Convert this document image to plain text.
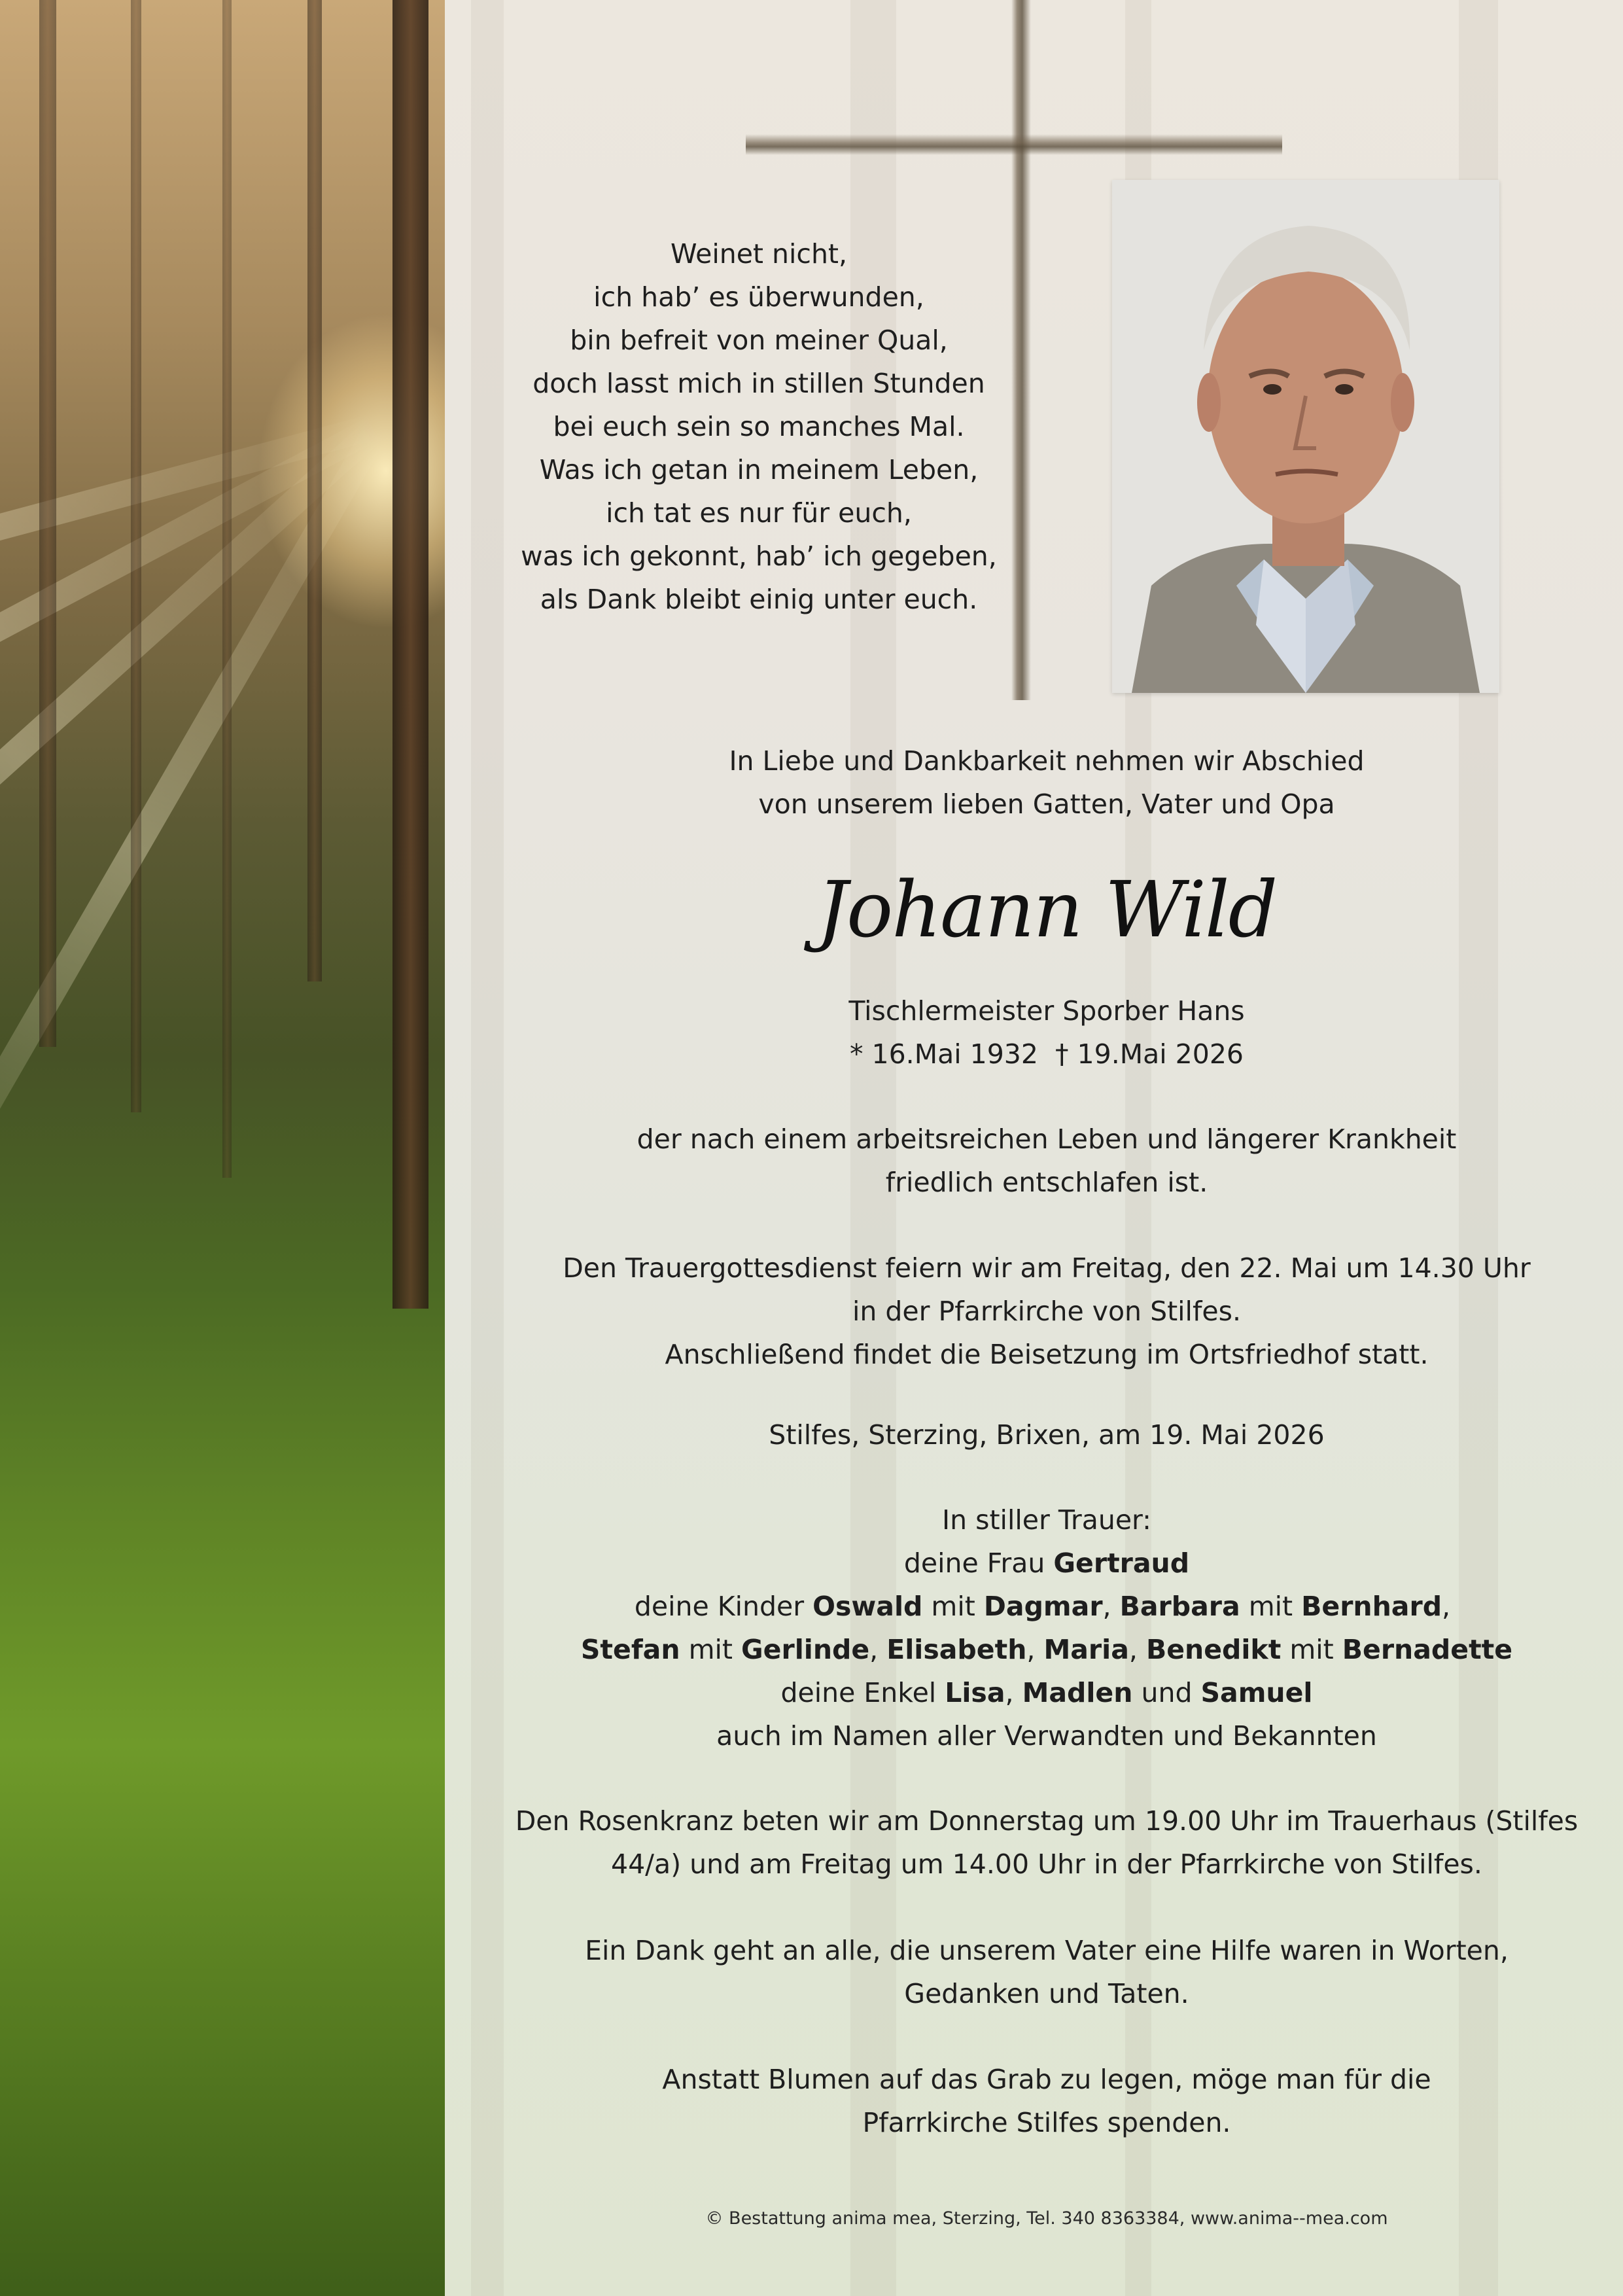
Weinet nicht,
ich hab’ es überwunden,
bin befreit von meiner Qual,
doch lasst mich in stillen Stunden
bei euch sein so manches Mal.
Was ich getan in meinem Leben,
ich tat es nur für euch,
was ich gekonnt, hab’ ich gegeben,
als Dank bleibt einig unter euch.
In Liebe und Dankbarkeit nehmen wir Abschied
von unserem lieben Gatten, Vater und Opa
Johann Wild
Tischlermeister Sporber Hans
* 16.Mai 1932  † 19.Mai 2026
der nach einem arbeitsreichen Leben und längerer Krankheit
friedlich entschlafen ist.
Den Trauergottesdienst feiern wir am Freitag, den 22. Mai um 14.30 Uhr
in der Pfarrkirche von Stilfes.
Anschließend findet die Beisetzung im Ortsfriedhof statt.
Stilfes, Sterzing, Brixen, am 19. Mai 2026
In stiller Trauer:
deine Frau Gertraud
deine Kinder Oswald mit Dagmar, Barbara mit Bernhard,
Stefan mit Gerlinde, Elisabeth, Maria, Benedikt mit Bernadette
deine Enkel Lisa, Madlen und Samuel
auch im Namen aller Verwandten und Bekannten
Den Rosenkranz beten wir am Donnerstag um 19.00 Uhr im Trauerhaus (Stilfes
44/a) und am Freitag um 14.00 Uhr in der Pfarrkirche von Stilfes.
Ein Dank geht an alle, die unserem Vater eine Hilfe waren in Worten,
Gedanken und Taten.
Anstatt Blumen auf das Grab zu legen, möge man für die
Pfarrkirche Stilfes spenden.
© Bestattung anima mea, Sterzing, Tel. 340 8363384, www.anima--mea.com
